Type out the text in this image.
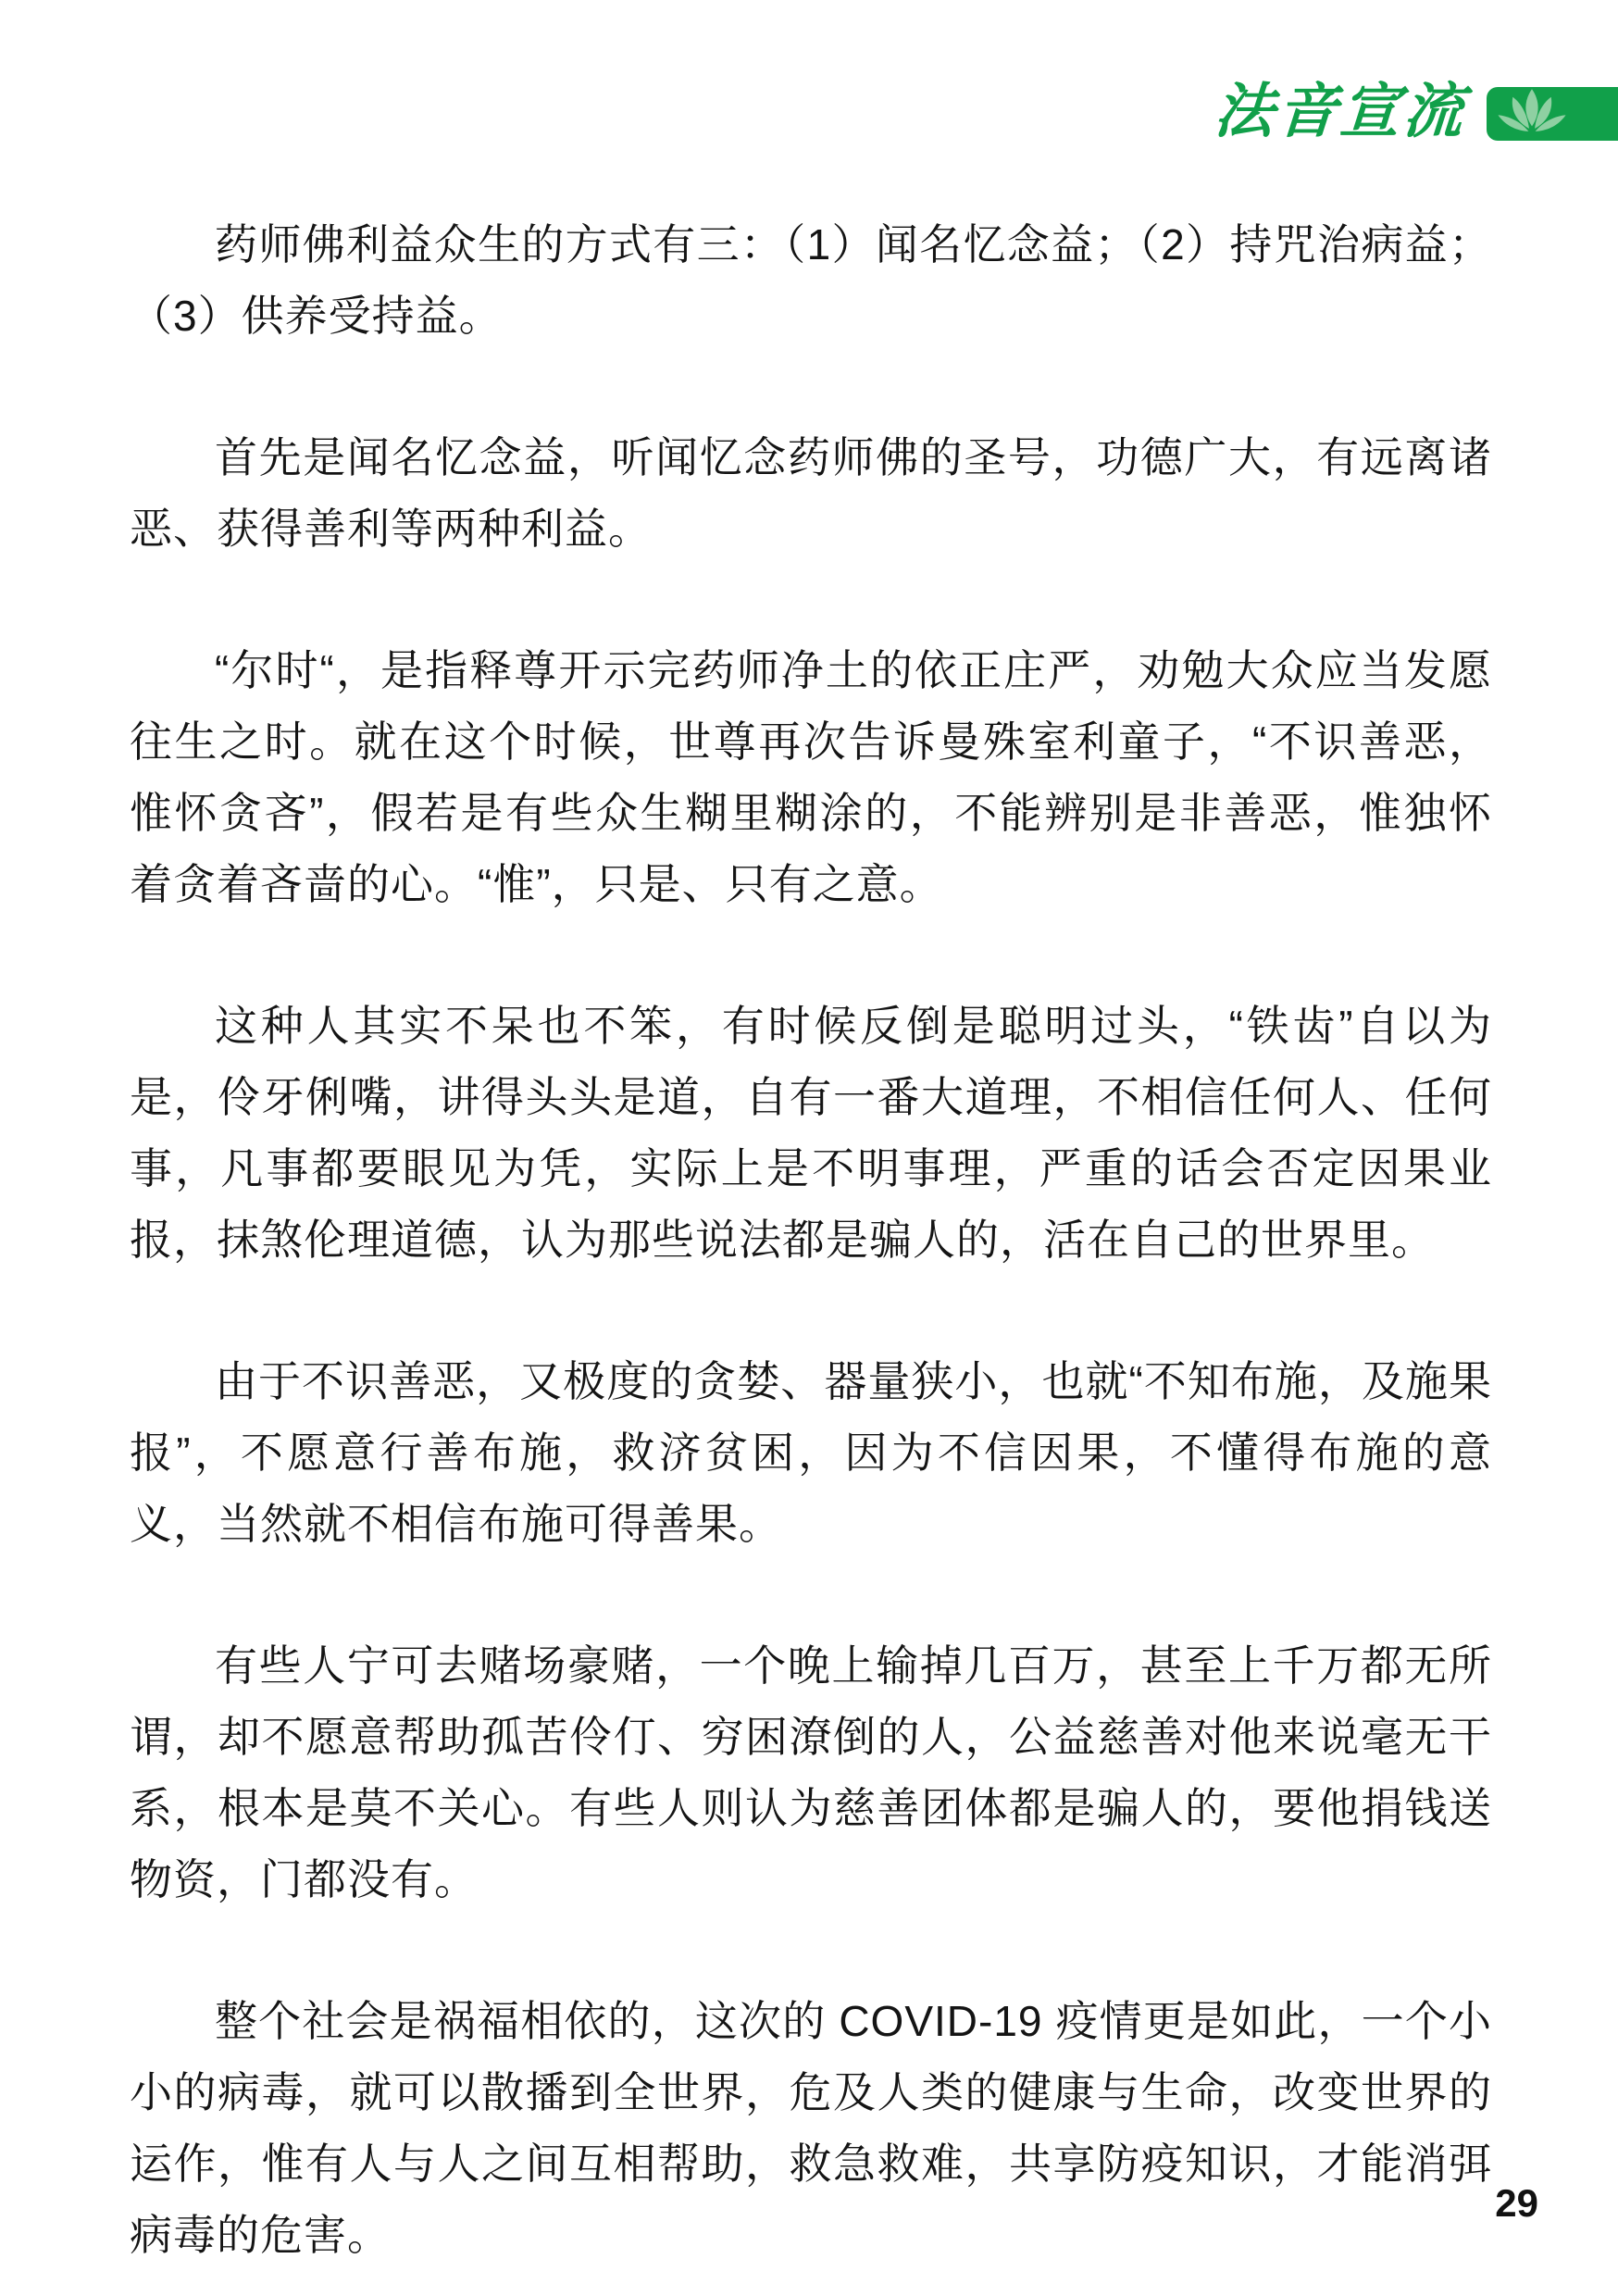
法音宣流

药师佛利益众生的方式有三：（1）闻名忆念益；（2）持咒治病益；（3）供养受持益。

首先是闻名忆念益，听闻忆念药师佛的圣号，功德广大，有远离诸恶、获得善利等两种利益。

“尔时“，是指释尊开示完药师净土的依正庄严，劝勉大众应当发愿往生之时。就在这个时候，世尊再次告诉曼殊室利童子，“不识善恶，惟怀贪吝”，假若是有些众生糊里糊涂的，不能辨别是非善恶，惟独怀着贪着吝啬的心。“惟”，只是、只有之意。

这种人其实不呆也不笨，有时候反倒是聪明过头，“铁齿”自以为是，伶牙俐嘴，讲得头头是道，自有一番大道理，不相信任何人、任何事，凡事都要眼见为凭，实际上是不明事理，严重的话会否定因果业报，抹煞伦理道德，认为那些说法都是骗人的，活在自己的世界里。

由于不识善恶，又极度的贪婪、器量狭小，也就“不知布施，及施果报”，不愿意行善布施，救济贫困，因为不信因果，不懂得布施的意义，当然就不相信布施可得善果。

有些人宁可去赌场豪赌，一个晚上输掉几百万，甚至上千万都无所谓，却不愿意帮助孤苦伶仃、穷困潦倒的人，公益慈善对他来说毫无干系，根本是莫不关心。有些人则认为慈善团体都是骗人的，要他捐钱送物资，门都没有。

整个社会是祸福相依的，这次的 COVID-19 疫情更是如此，一个小小的病毒，就可以散播到全世界，危及人类的健康与生命，改变世界的运作，惟有人与人之间互相帮助，救急救难，共享防疫知识，才能消弭病毒的危害。

29
